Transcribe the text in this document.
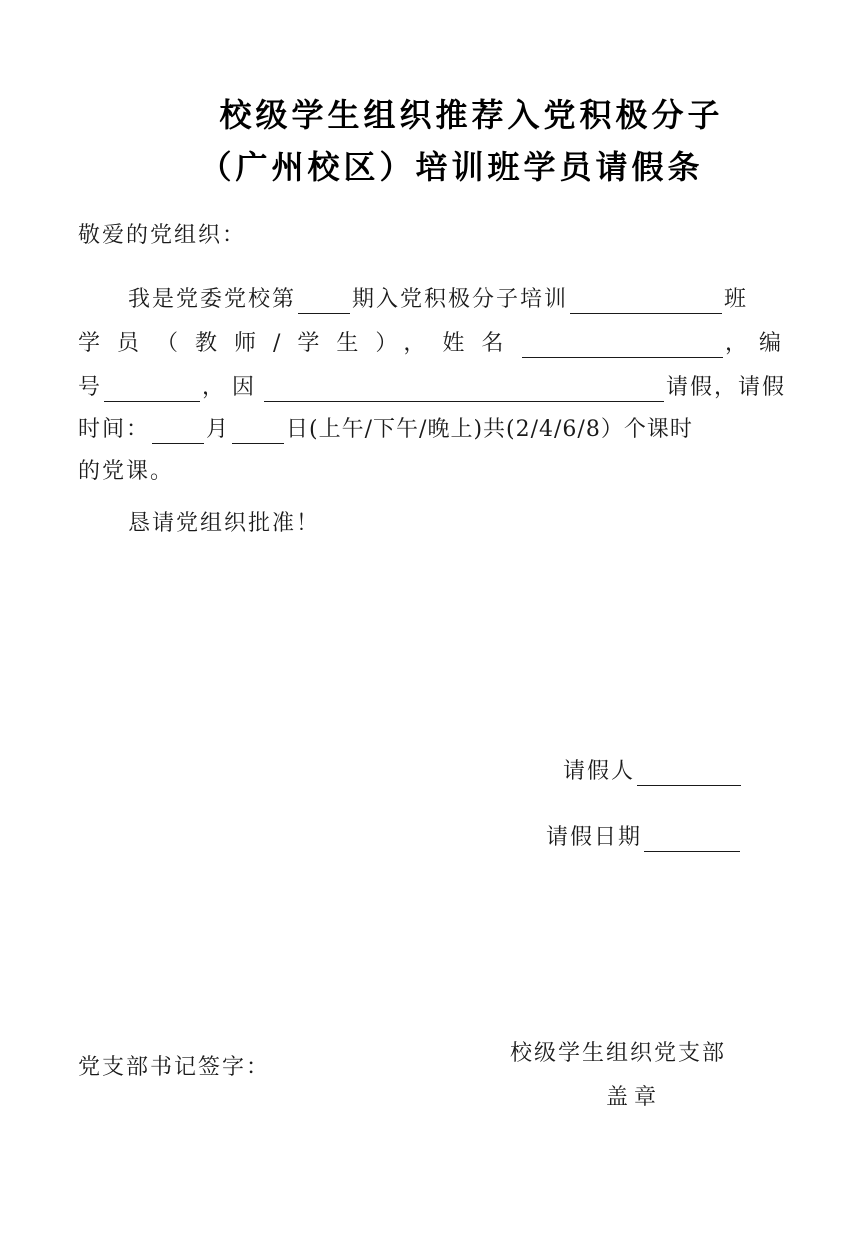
校级学生组织推荐入党积极分子
（广州校区）培训班学员请假条
敬爱的党组织：
我是党委党校第	期入党积极分子培训	班
学员（教师/学生），姓名	，编
号	，因	请假，请假
时间：	月	日(上午/下午/晚上)共(2/4/6/8）个课时
的党课。
恳请党组织批准！
请假人
请假日期
党支部书记签字：
校级学生组织党支部
盖章
